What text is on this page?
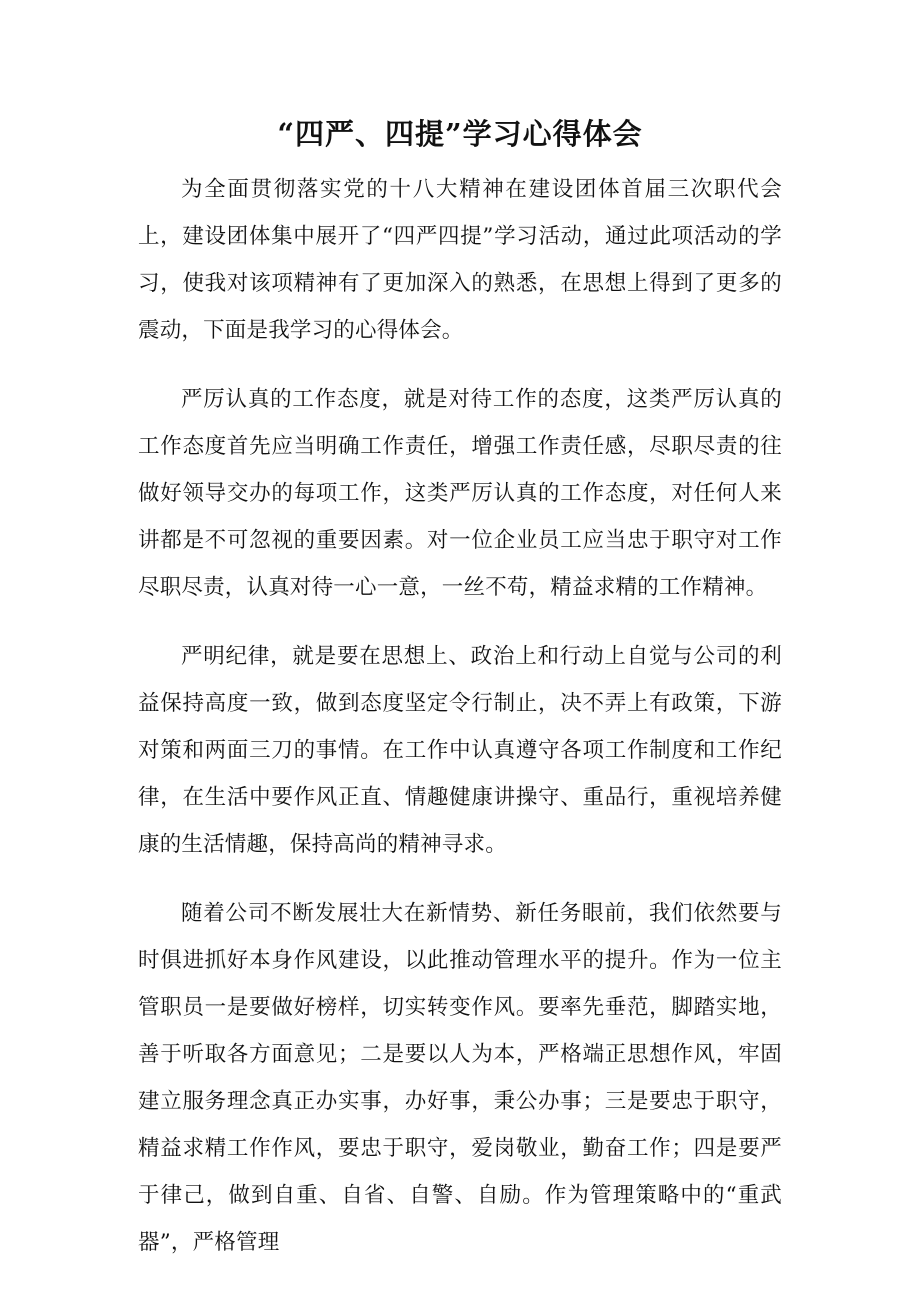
“四严、四提”学习心得体会

为全面贯彻落实党的十八大精神在建设团体首届三次职代会上，建设团体集中展开了“四严四提”学习活动，通过此项活动的学习，使我对该项精神有了更加深入的熟悉，在思想上得到了更多的震动，下面是我学习的心得体会。

严厉认真的工作态度，就是对待工作的态度，这类严厉认真的工作态度首先应当明确工作责任，增强工作责任感，尽职尽责的往做好领导交办的每项工作，这类严厉认真的工作态度，对任何人来讲都是不可忽视的重要因素。对一位企业员工应当忠于职守对工作尽职尽责，认真对待一心一意，一丝不苟，精益求精的工作精神。

严明纪律，就是要在思想上、政治上和行动上自觉与公司的利益保持高度一致，做到态度坚定令行制止，决不弄上有政策，下游对策和两面三刀的事情。在工作中认真遵守各项工作制度和工作纪律，在生活中要作风正直、情趣健康讲操守、重品行，重视培养健康的生活情趣，保持高尚的精神寻求。

随着公司不断发展壮大在新情势、新任务眼前，我们依然要与时俱进抓好本身作风建设，以此推动管理水平的提升。作为一位主管职员一是要做好榜样，切实转变作风。要率先垂范，脚踏实地，善于听取各方面意见；二是要以人为本，严格端正思想作风，牢固建立服务理念真正办实事，办好事，秉公办事；三是要忠于职守，精益求精工作作风，要忠于职守，爱岗敬业，勤奋工作；四是要严于律己，做到自重、自省、自警、自励。作为管理策略中的“重武器”，严格管理
